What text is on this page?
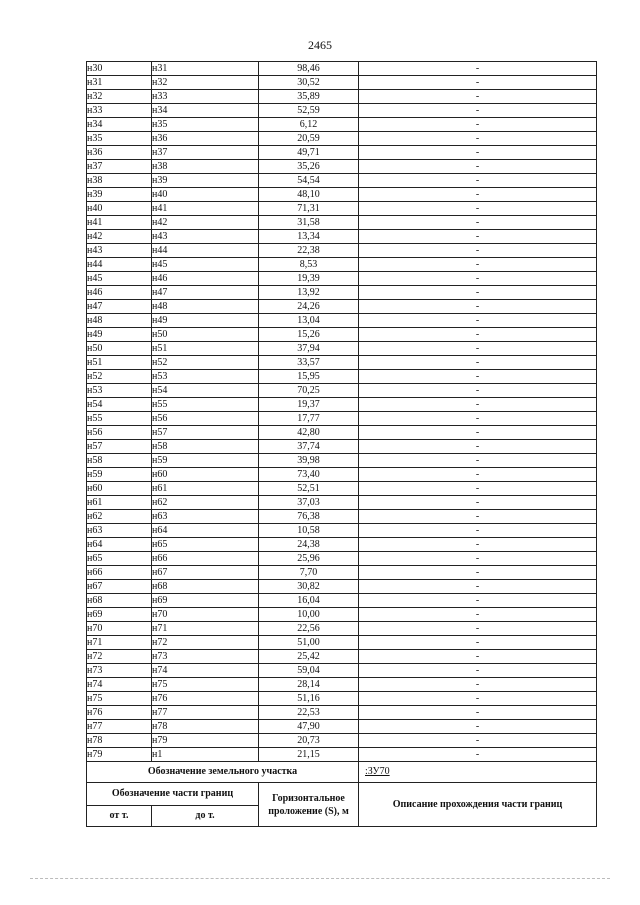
2465
н30	н31	98,46	-
н31	н32	30,52	-
н32	н33	35,89	-
н33	н34	52,59	-
н34	н35	6,12	-
н35	н36	20,59	-
н36	н37	49,71	-
н37	н38	35,26	-
н38	н39	54,54	-
н39	н40	48,10	-
н40	н41	71,31	-
н41	н42	31,58	-
н42	н43	13,34	-
н43	н44	22,38	-
н44	н45	8,53	-
н45	н46	19,39	-
н46	н47	13,92	-
н47	н48	24,26	-
н48	н49	13,04	-
н49	н50	15,26	-
н50	н51	37,94	-
н51	н52	33,57	-
н52	н53	15,95	-
н53	н54	70,25	-
н54	н55	19,37	-
н55	н56	17,77	-
н56	н57	42,80	-
н57	н58	37,74	-
н58	н59	39,98	-
н59	н60	73,40	-
н60	н61	52,51	-
н61	н62	37,03	-
н62	н63	76,38	-
н63	н64	10,58	-
н64	н65	24,38	-
н65	н66	25,96	-
н66	н67	7,70	-
н67	н68	30,82	-
н68	н69	16,04	-
н69	н70	10,00	-
н70	н71	22,56	-
н71	н72	51,00	-
н72	н73	25,42	-
н73	н74	59,04	-
н74	н75	28,14	-
н75	н76	51,16	-
н76	н77	22,53	-
н77	н78	47,90	-
н78	н79	20,73	-
н79	н1	21,15	-
Обозначение земельного участка			:ЗУ70
Обозначение части границ		Горизонтальное проложение (S), м	Описание прохождения части границ
от т.	до т.		
